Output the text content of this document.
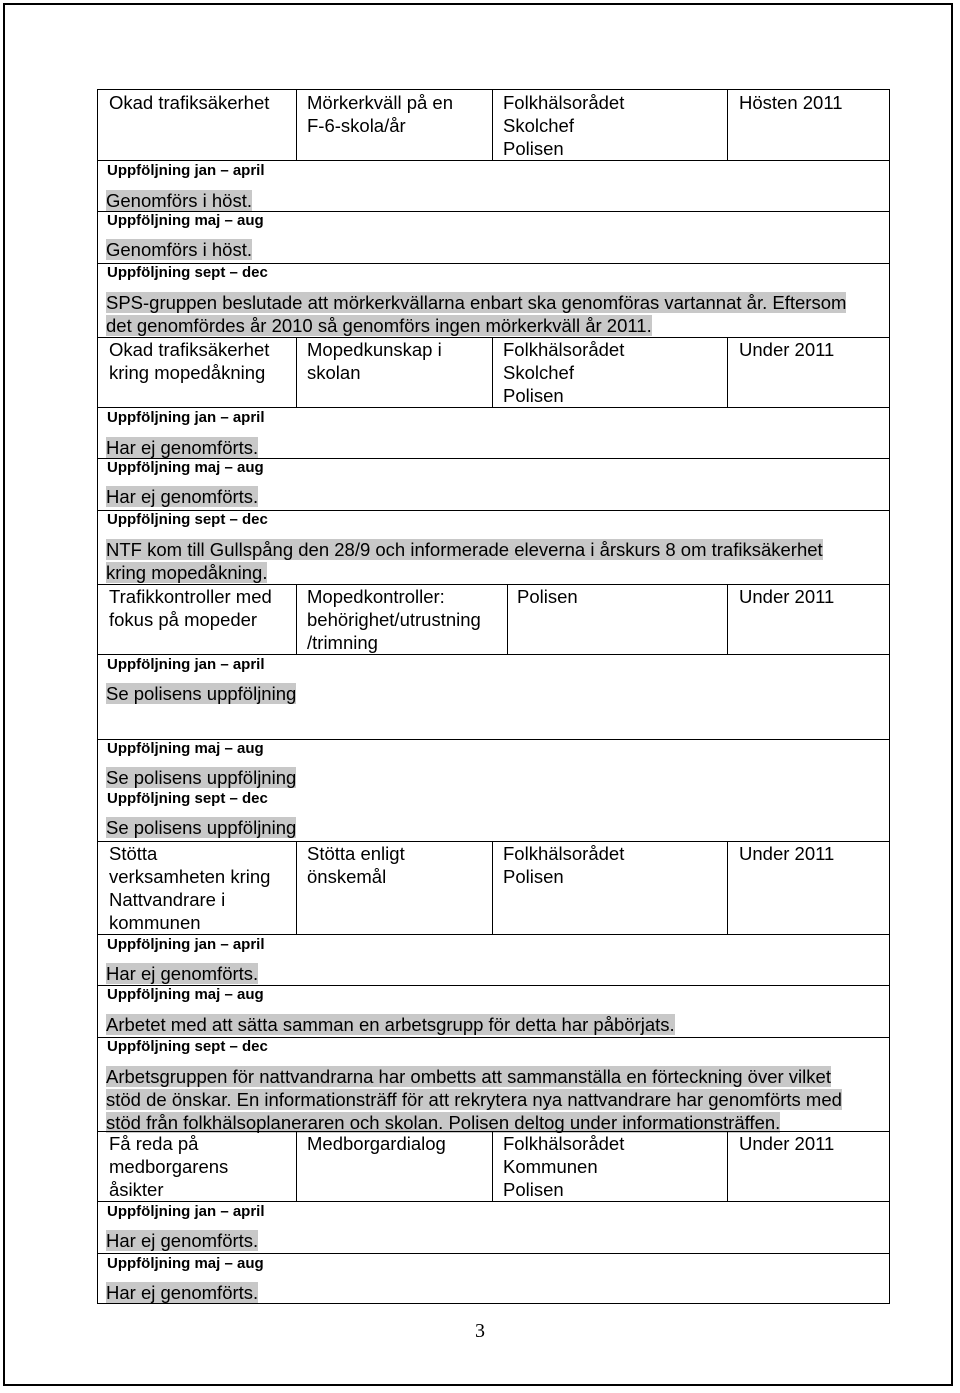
Okad trafiksäkerhet Mörkerkväll på en
F-6-skola/år
Folkhälsorådet
Skolchef
Polisen
Hösten 2011
Uppföljning jan – april
Genomförs i höst.
Uppföljning maj – aug
Genomförs i höst.
Uppföljning sept – dec
SPS-gruppen beslutade att mörkerkvällarna enbart ska genomföras vartannat år. Eftersom
det genomfördes år 2010 så genomförs ingen mörkerkväll år 2011.
Okad trafiksäkerhet
kring mopedåkning
Mopedkunskap i
skolan
Folkhälsorådet
Skolchef
Polisen
Under 2011
Uppföljning jan – april
Har ej genomförts.
Uppföljning maj – aug
Har ej genomförts.
Uppföljning sept – dec
NTF kom till Gullspång den 28/9 och informerade eleverna i årskurs 8 om trafiksäkerhet
kring mopedåkning.
Trafikkontroller med
fokus på mopeder
Mopedkontroller:
behörighet/utrustning
/trimning
Polisen	Under 2011
Uppföljning jan – april
Se polisens uppföljning
Uppföljning maj – aug
Se polisens uppföljning
Uppföljning sept – dec
Se polisens uppföljning
Stötta
verksamheten kring
Nattvandrare i
kommunen
Stötta enligt
önskemål
Folkhälsorådet
Polisen
Under 2011
Uppföljning jan – april
Har ej genomförts.
Uppföljning maj – aug
Arbetet med att sätta samman en arbetsgrupp för detta har påbörjats.
Uppföljning sept – dec
Arbetsgruppen för nattvandrarna har ombetts att sammanställa en förteckning över vilket
stöd de önskar. En informationsträff för att rekrytera nya nattvandrare har genomförts med
stöd från folkhälsoplaneraren och skolan. Polisen deltog under informationsträffen.
Få reda på
medborgarens
åsikter
Medborgardialog	Folkhälsorådet
Kommunen
Polisen
Under 2011
Uppföljning jan – april
Har ej genomförts.
Uppföljning maj – aug
Har ej genomförts.
3
